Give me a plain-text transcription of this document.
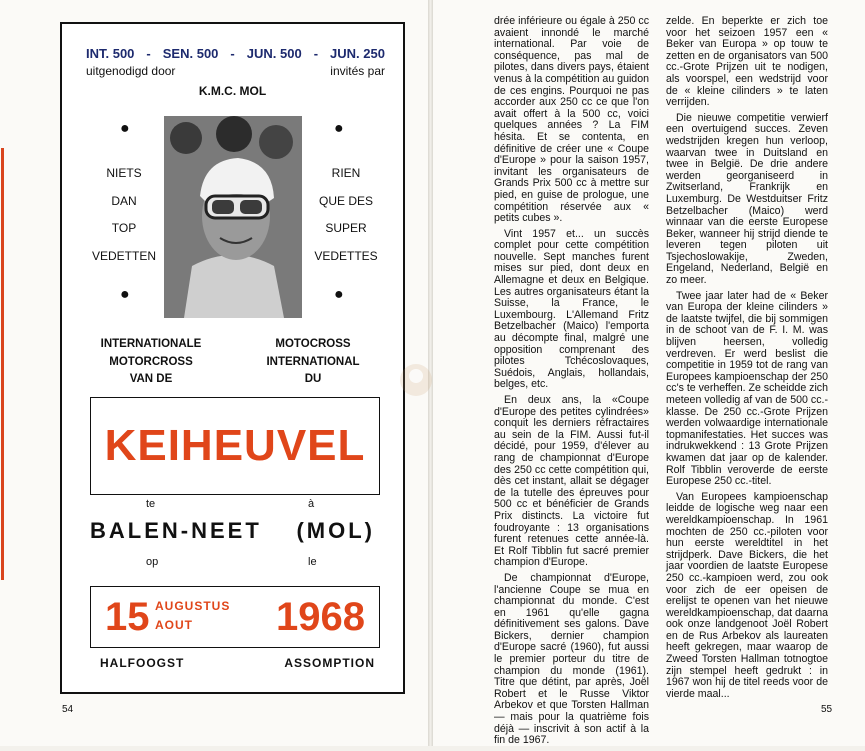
INT. 500 - SEN. 500 - JUN. 500 - JUN. 250
uitgenodigd door	invités par
K.M.C. MOL
●	●
●	●
NIETS
DAN
TOP
VEDETTEN
RIEN
QUE DES
SUPER
VEDETTES
INTERNATIONALE
MOTORCROSS
VAN DE
MOTOCROSS
INTERNATIONAL
DU
KEIHEUVEL
te	à
BALEN-NEET (MOL)
op	le
15 AUGUSTUS
AOUT 1968
HALFOOGST	ASSOMPTION
54

drée inférieure ou égale à 250 cc avaient innondé le marché international. Par voie de conséquence, pas mal de pilotes, dans divers pays, étaient venus à la compétition au guidon de ces engins. Pourquoi ne pas accorder aux 250 cc ce que l'on avait offert à la 500 cc, voici quelques années ? La FIM hésita. Et se contenta, en définitive de créer une « Coupe d'Europe » pour la saison 1957, invitant les organisateurs de Grands Prix 500 cc à mettre sur pied, en guise de prologue, une compétition réservée aux « petits cubes ».

Vint 1957 et... un succès complet pour cette compétition nouvelle. Sept manches furent mises sur pied, dont deux en Allemagne et deux en Belgique. Les autres organisateurs étant la Suisse, la France, le Luxembourg. L'Allemand Fritz Betzelbacher (Maico) l'emporta au décompte final, malgré une opposition comprenant des pilotes Tchécoslovaques, Suédois, Anglais, hollandais, belges, etc.

En deux ans, la «Coupe d'Europe des petites cylindrées» conquit les derniers réfractaires au sein de la FIM. Aussi fut-il décidé, pour 1959, d'élever au rang de championnat d'Europe des 250 cc cette compétition qui, dès cet instant, allait se dégager de la tutelle des épreuves pour 500 cc et bénéficier de Grands Prix distincts. La victoire fut foudroyante : 13 organisations furent retenues cette année-là. Et Rolf Tibblin fut sacré premier champion d'Europe.

De championnat d'Europe, l'ancienne Coupe se mua en championnat du monde. C'est en 1961 qu'elle gagna définitivement ses galons. Dave Bickers, dernier champion d'Europe sacré (1960), fut aussi le premier porteur du titre de champion du monde (1961). Titre que détint, par après, Joël Robert et le Russe Viktor Arbekov et que Torsten Hallman — mais pour la quatrième fois déjà — inscrivit à son actif à la fin de 1967.

zelde. En beperkte er zich toe voor het seizoen 1957 een « Beker van Europa » op touw te zetten en de organisators van 500 cc.-Grote Prijzen uit te nodigen, als voorspel, een wedstrijd voor de « kleine cilinders » te laten verrijden.

Die nieuwe competitie verwierf een overtuigend succes. Zeven wedstrijden kregen hun verloop, waarvan twee in Duitsland en twee in België. De drie andere werden georganiseerd in Zwitserland, Frankrijk en Luxemburg. De Westduitser Fritz Betzelbacher (Maico) werd winnaar van die eerste Europese Beker, wanneer hij strijd diende te leveren tegen piloten uit Tsjechoslowakije, Zweden, Engeland, Nederland, België en zo meer.

Twee jaar later had de « Beker van Europa der kleine cilinders » de laatste twijfel, die bij sommigen in de schoot van de F. I. M. was blijven heersen, volledig verdreven. Er werd beslist die competitie in 1959 tot de rang van Europees kampioenschap der 250 cc's te verheffen. Ze scheidde zich meteen volledig af van de 500 cc.-klasse. De 250 cc.-Grote Prijzen werden volwaardige internationale topmanifestaties. Het succes was indrukwekkend : 13 Grote Prijzen kwamen dat jaar op de kalender. Rolf Tibblin veroverde de eerste Europese 250 cc.-titel.

Van Europees kampioenschap leidde de logische weg naar een wereldkampioenschap. In 1961 mochten de 250 cc.-piloten voor hun eerste wereldtitel in het strijdperk. Dave Bickers, die het jaar voordien de laatste Europese 250 cc.-kampioen werd, zou ook voor zich de eer opeisen de erelijst te openen van het nieuwe wereldkampioenschap, dat daarna ook onze landgenoot Joël Robert en de Rus Arbekov als laureaten heeft gekregen, maar waarop de Zweed Torsten Hallman totnogtoe zijn stempel heeft gedrukt : in 1967 won hij de titel reeds voor de vierde maal...

55
